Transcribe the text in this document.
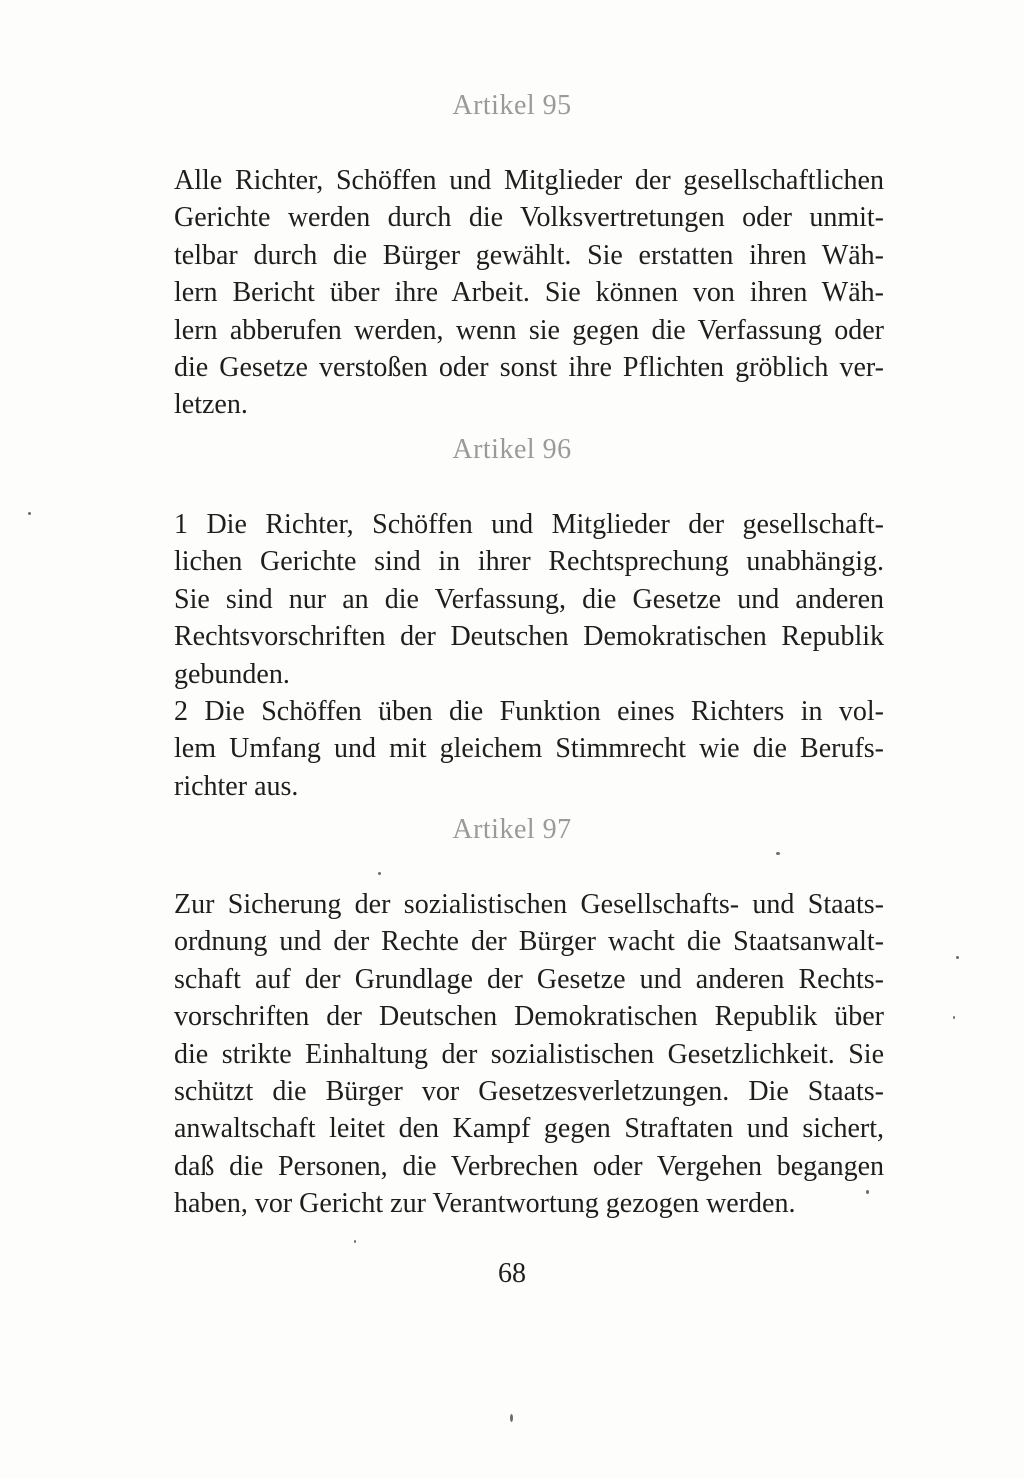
Artikel 95
Alle Richter, Schöffen und Mitglieder der gesellschaftlichen
Gerichte werden durch die Volksvertretungen oder unmit-
telbar durch die Bürger gewählt. Sie erstatten ihren Wäh-
lern Bericht über ihre Arbeit. Sie können von ihren Wäh-
lern abberufen werden, wenn sie gegen die Verfassung oder
die Gesetze verstoßen oder sonst ihre Pflichten gröblich ver-
letzen.
Artikel 96
1 Die Richter, Schöffen und Mitglieder der gesellschaft-
lichen Gerichte sind in ihrer Rechtsprechung unabhängig.
Sie sind nur an die Verfassung, die Gesetze und anderen
Rechtsvorschriften der Deutschen Demokratischen Republik
gebunden.
2 Die Schöffen üben die Funktion eines Richters in vol-
lem Umfang und mit gleichem Stimmrecht wie die Berufs-
richter aus.
Artikel 97
Zur Sicherung der sozialistischen Gesellschafts- und Staats-
ordnung und der Rechte der Bürger wacht die Staatsanwalt-
schaft auf der Grundlage der Gesetze und anderen Rechts-
vorschriften der Deutschen Demokratischen Republik über
die strikte Einhaltung der sozialistischen Gesetzlichkeit. Sie
schützt die Bürger vor Gesetzesverletzungen. Die Staats-
anwaltschaft leitet den Kampf gegen Straftaten und sichert,
daß die Personen, die Verbrechen oder Vergehen begangen
haben, vor Gericht zur Verantwortung gezogen werden.
68
